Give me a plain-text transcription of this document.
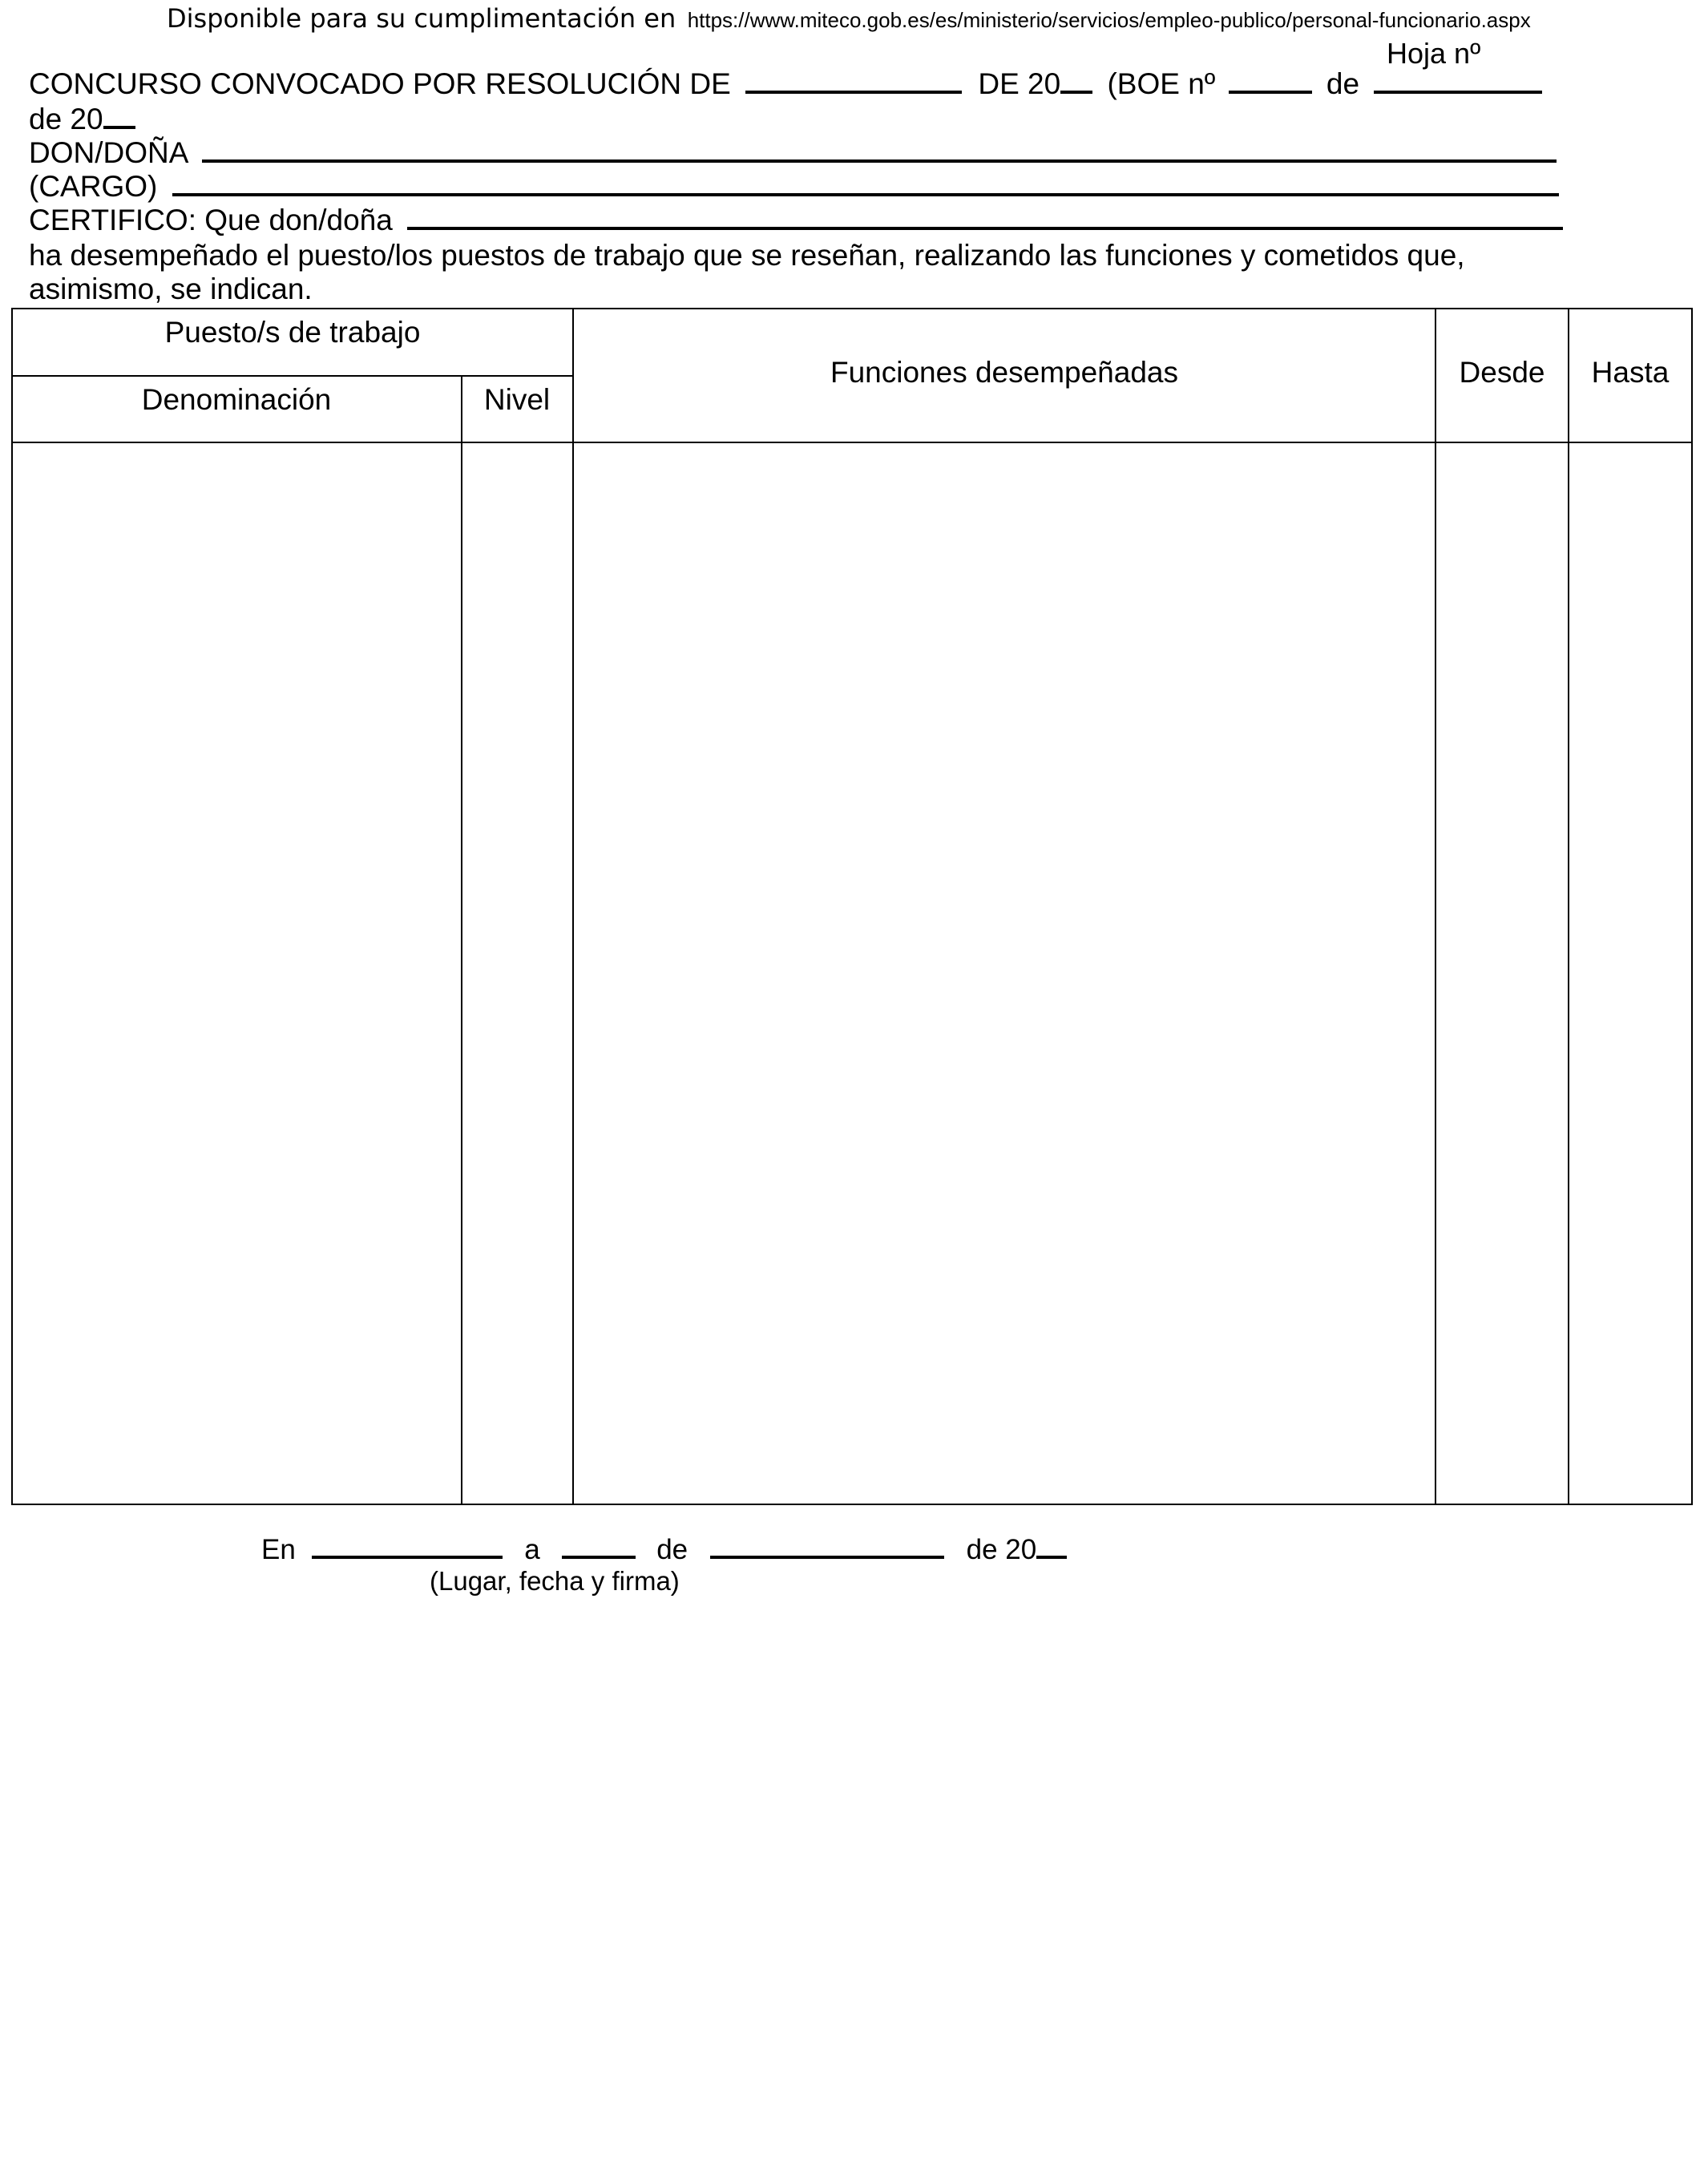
Disponible para su cumplimentación en https://www.miteco.gob.es/es/ministerio/servicios/empleo-publico/personal-funcionario.aspx
Hoja nº
CONCURSO CONVOCADO POR RESOLUCIÓN DE	DE 20 (BOE nº	de
de 20
DON/DOÑA
(CARGO)
CERTIFICO: Que don/doña
ha desempeñado el puesto/los puestos de trabajo que se reseñan, realizando las funciones y cometidos que, asimismo, se indican.
Puesto/s de trabajo
Denominación	Nivel
Funciones desempeñadas	Desde	Hasta
En	a	de	de 20
(Lugar, fecha y firma)
